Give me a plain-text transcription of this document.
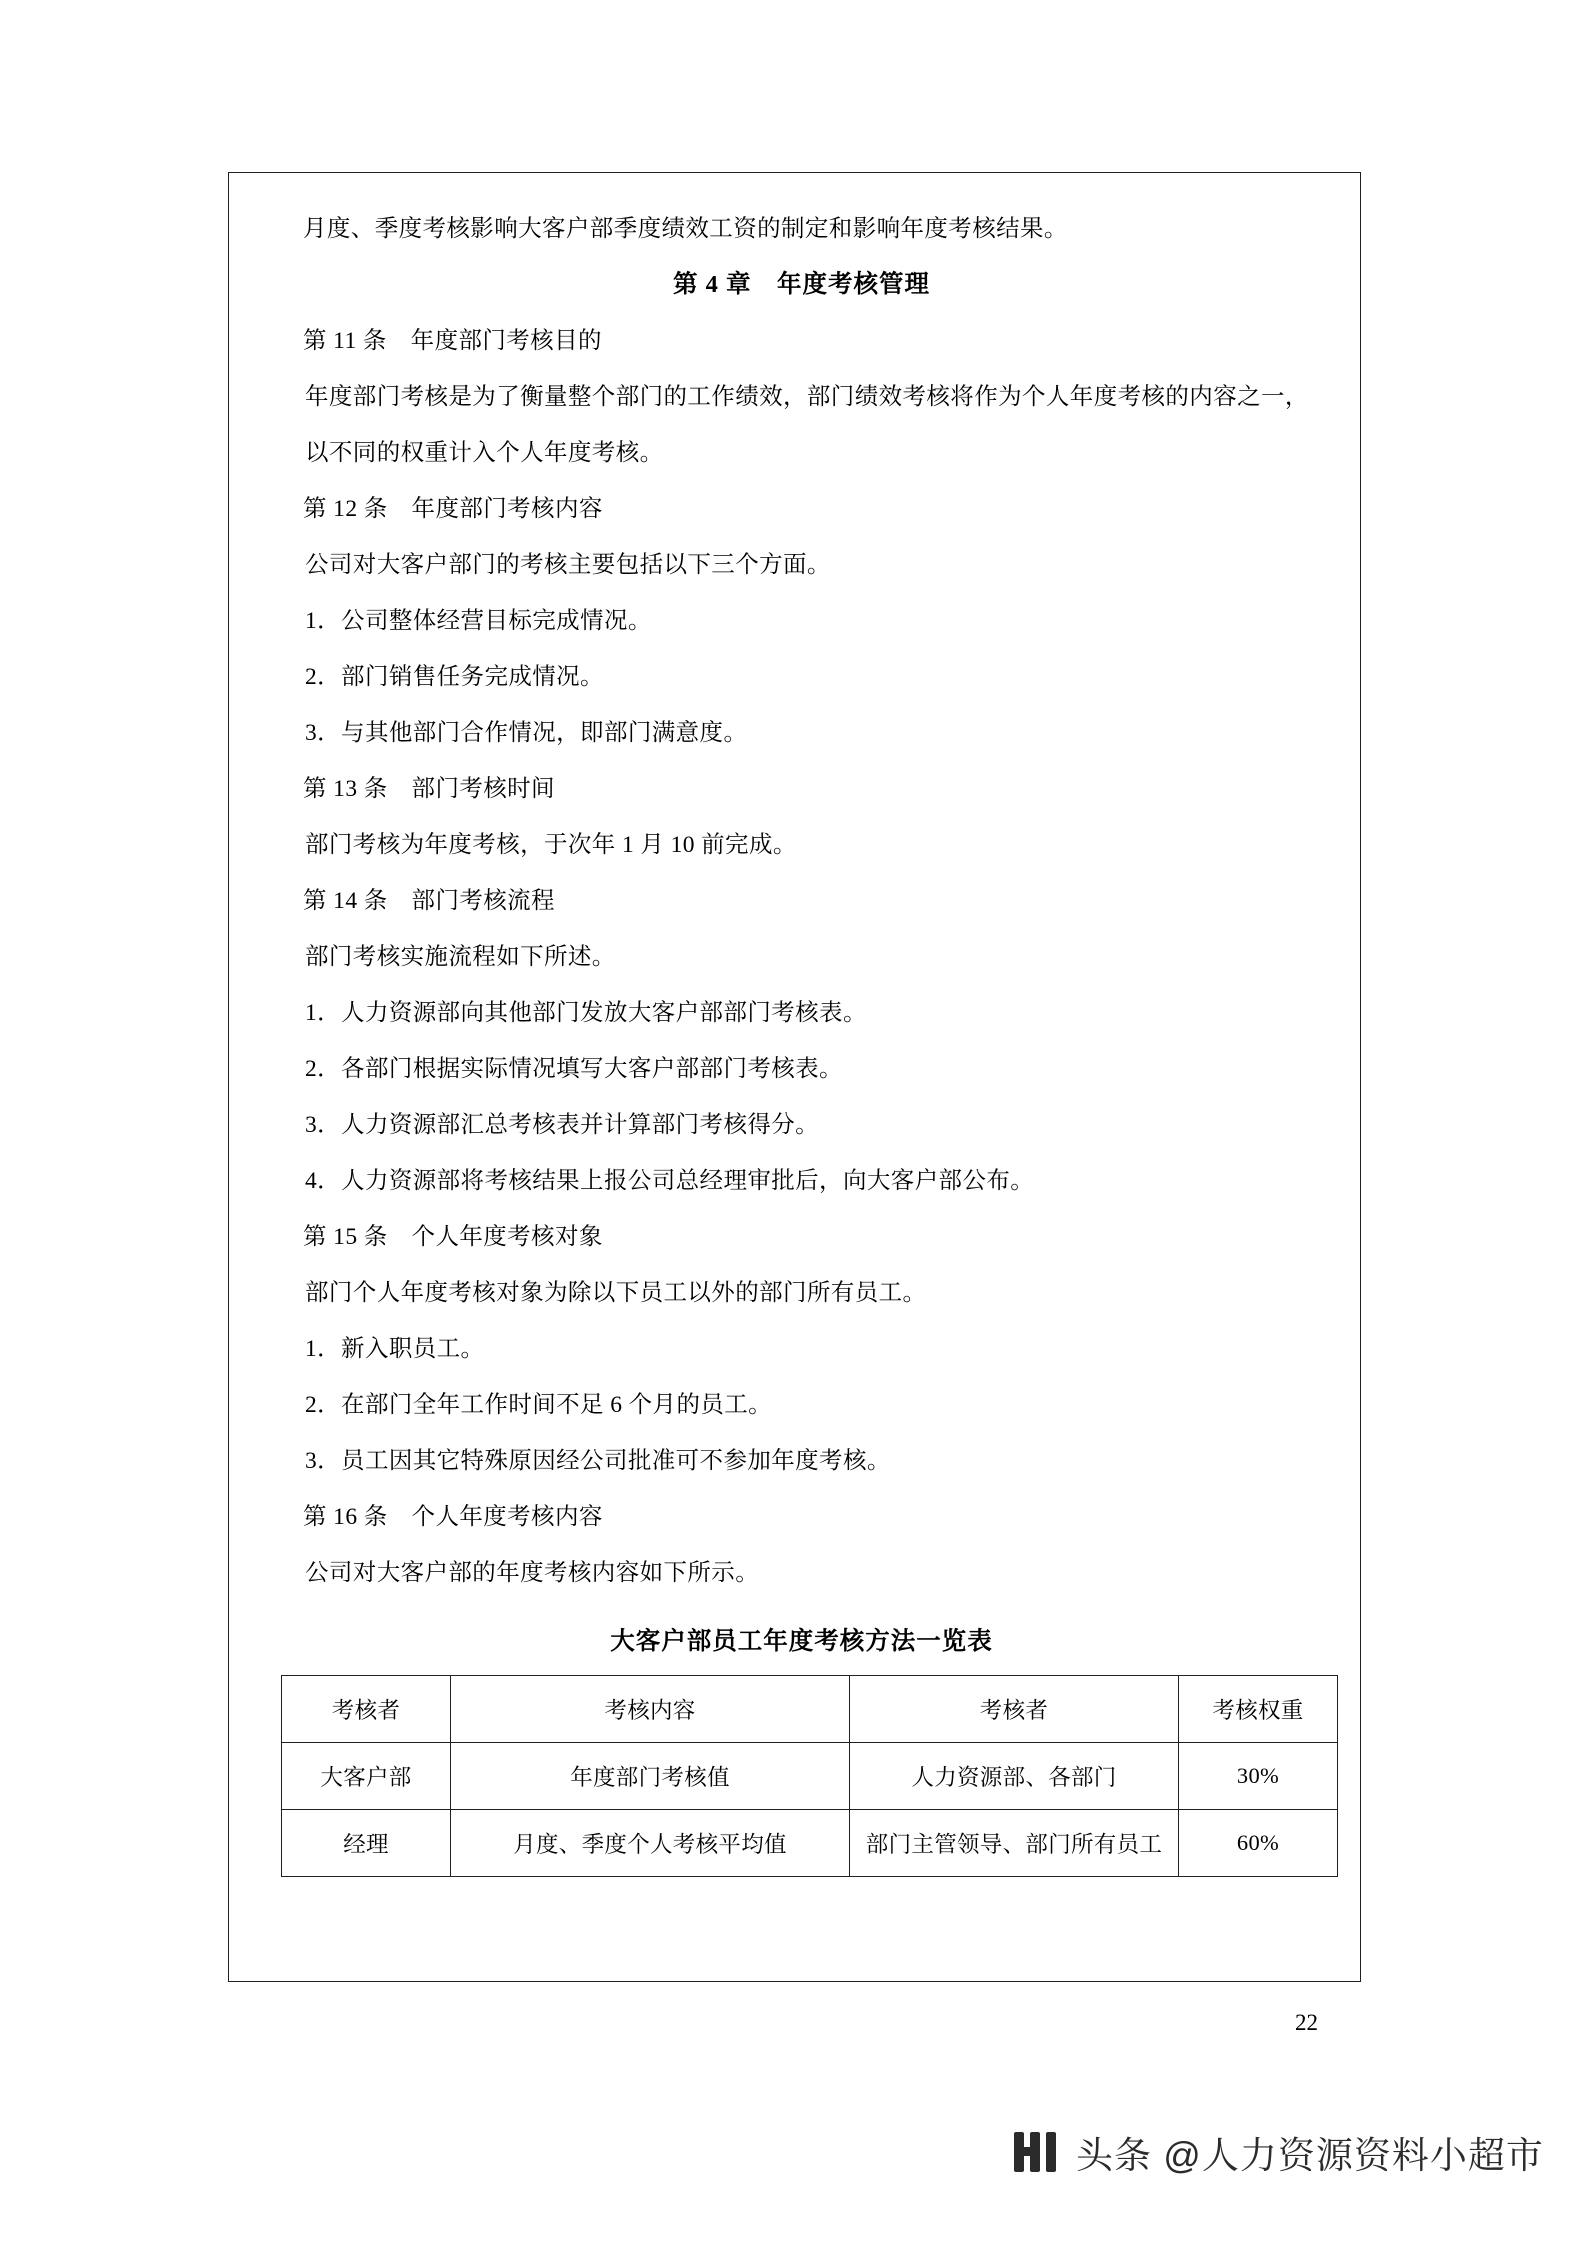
月度、季度考核影响大客户部季度绩效工资的制定和影响年度考核结果。

第 4 章　年度考核管理

第 11 条　年度部门考核目的

年度部门考核是为了衡量整个部门的工作绩效，部门绩效考核将作为个人年度考核的内容之一，以不同的权重计入个人年度考核。

第 12 条　年度部门考核内容

公司对大客户部门的考核主要包括以下三个方面。

1．公司整体经营目标完成情况。

2．部门销售任务完成情况。

3．与其他部门合作情况，即部门满意度。

第 13 条　部门考核时间

部门考核为年度考核，于次年 1 月 10 前完成。

第 14 条　部门考核流程

部门考核实施流程如下所述。

1．人力资源部向其他部门发放大客户部部门考核表。

2．各部门根据实际情况填写大客户部部门考核表。

3．人力资源部汇总考核表并计算部门考核得分。

4．人力资源部将考核结果上报公司总经理审批后，向大客户部公布。

第 15 条　个人年度考核对象

部门个人年度考核对象为除以下员工以外的部门所有员工。

1．新入职员工。

2．在部门全年工作时间不足 6 个月的员工。

3．员工因其它特殊原因经公司批准可不参加年度考核。

第 16 条　个人年度考核内容

公司对大客户部的年度考核内容如下所示。

大客户部员工年度考核方法一览表

考核者	考核内容	考核者	考核权重
大客户部	年度部门考核值	人力资源部、各部门	30%
经理	月度、季度个人考核平均值	部门主管领导、部门所有员工	60%
22
头条 @人力资源资料小超市
